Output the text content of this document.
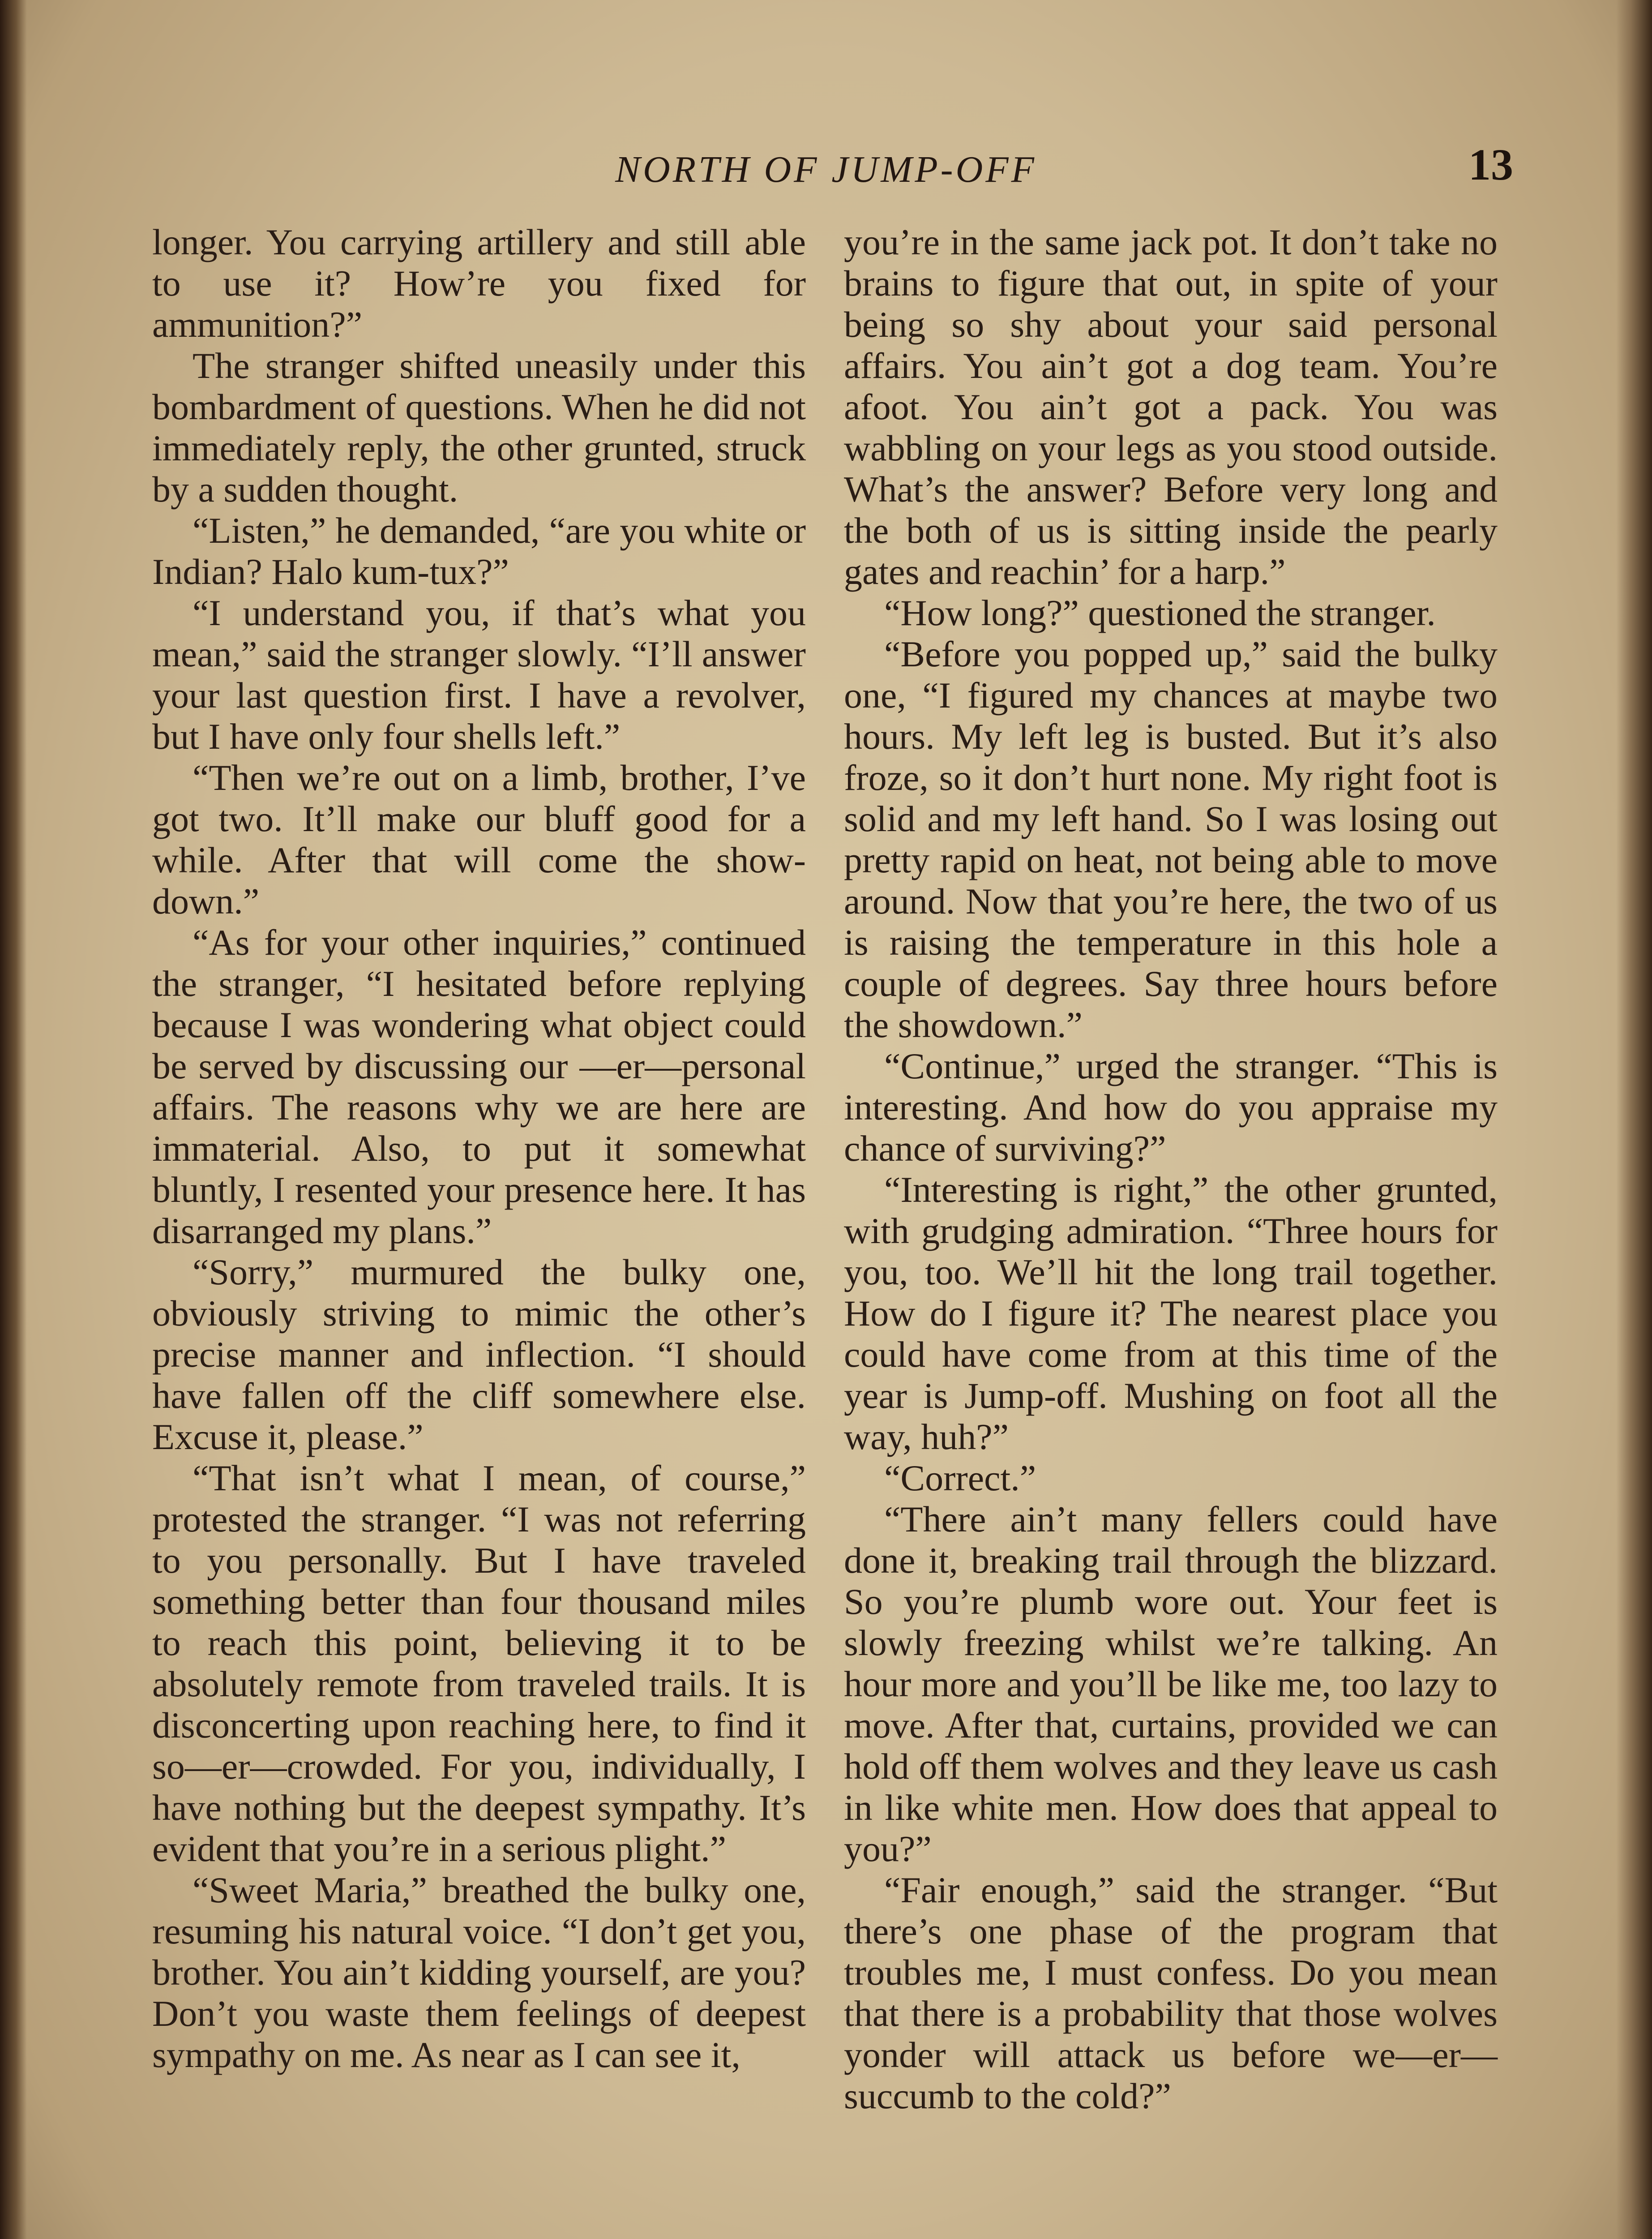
NORTH OF JUMP-OFF	13

longer. You carrying artillery and still able to use it? How’re you fixed for ammunition?”

The stranger shifted uneasily under this bombardment of questions. When he did not immediately reply, the other grunted, struck by a sudden thought.

“Listen,” he demanded, “are you white or Indian? Halo kum-tux?”

“I understand you, if that’s what you mean,” said the stranger slowly. “I’ll answer your last question first. I have a revolver, but I have only four shells left.”

“Then we’re out on a limb, brother, I’ve got two. It’ll make our bluff good for a while. After that will come the show-down.”

“As for your other inquiries,” continued the stranger, “I hesitated before replying because I was wondering what object could be served by discussing our —er—personal affairs. The reasons why we are here are immaterial. Also, to put it somewhat bluntly, I resented your presence here. It has disarranged my plans.”

“Sorry,” murmured the bulky one, obviously striving to mimic the other’s precise manner and inflection. “I should have fallen off the cliff somewhere else. Excuse it, please.”

“That isn’t what I mean, of course,” protested the stranger. “I was not referring to you personally. But I have traveled something better than four thousand miles to reach this point, believing it to be absolutely remote from traveled trails. It is disconcerting upon reaching here, to find it so—er—crowded. For you, individually, I have nothing but the deepest sympathy. It’s evident that you’re in a serious plight.”

“Sweet Maria,” breathed the bulky one, resuming his natural voice. “I don’t get you, brother. You ain’t kidding yourself, are you? Don’t you waste them feelings of deepest sympathy on me. As near as I can see it,

you’re in the same jack pot. It don’t take no brains to figure that out, in spite of your being so shy about your said personal affairs. You ain’t got a dog team. You’re afoot. You ain’t got a pack. You was wabbling on your legs as you stood outside. What’s the answer? Before very long and the both of us is sitting inside the pearly gates and reachin’ for a harp.”

“How long?” questioned the stranger.

“Before you popped up,” said the bulky one, “I figured my chances at maybe two hours. My left leg is busted. But it’s also froze, so it don’t hurt none. My right foot is solid and my left hand. So I was losing out pretty rapid on heat, not being able to move around. Now that you’re here, the two of us is raising the temperature in this hole a couple of degrees. Say three hours before the showdown.”

“Continue,” urged the stranger. “This is interesting. And how do you appraise my chance of surviving?”

“Interesting is right,” the other grunted, with grudging admiration. “Three hours for you, too. We’ll hit the long trail together. How do I figure it? The nearest place you could have come from at this time of the year is Jump-off. Mushing on foot all the way, huh?”

“Correct.”

“There ain’t many fellers could have done it, breaking trail through the blizzard. So you’re plumb wore out. Your feet is slowly freezing whilst we’re talking. An hour more and you’ll be like me, too lazy to move. After that, curtains, provided we can hold off them wolves and they leave us cash in like white men. How does that appeal to you?”

“Fair enough,” said the stranger. “But there’s one phase of the program that troubles me, I must confess. Do you mean that there is a probability that those wolves yonder will attack us before we—er—succumb to the cold?”
